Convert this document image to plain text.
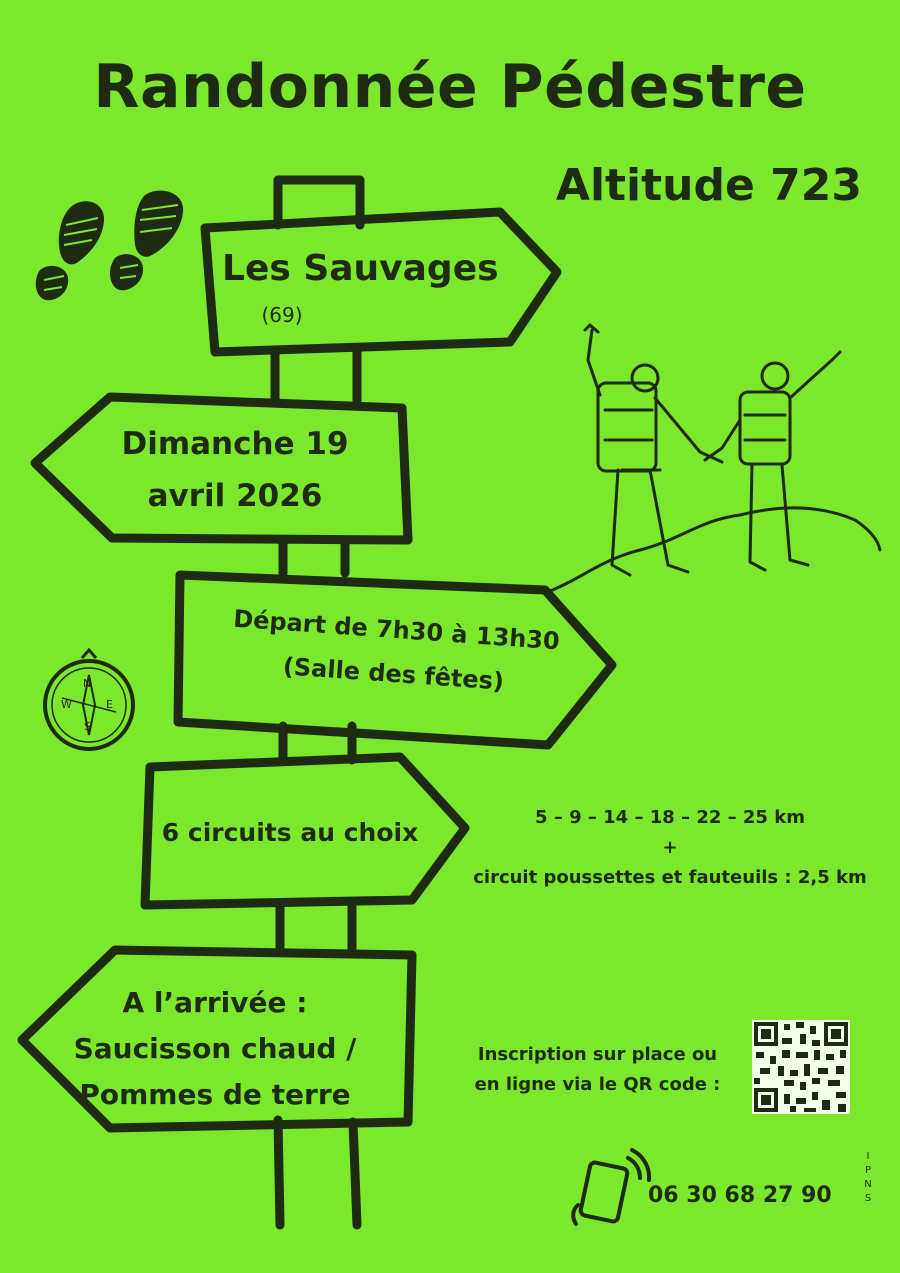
Randonnée Pédestre
Altitude 723
Les Sauvages
(69)
Dimanche 19
avril 2026
Départ de 7h30 à 13h30
(Salle des fêtes)
6 circuits au choix
A l’arrivée :
Saucisson chaud /
Pommes de terre
5 – 9 – 14 – 18 – 22 – 25 km
+
circuit poussettes et fauteuils : 2,5 km
Inscription sur place ou
en ligne via le QR code :
06 30 68 27 90
I
P
N
S
N
S
E
W
